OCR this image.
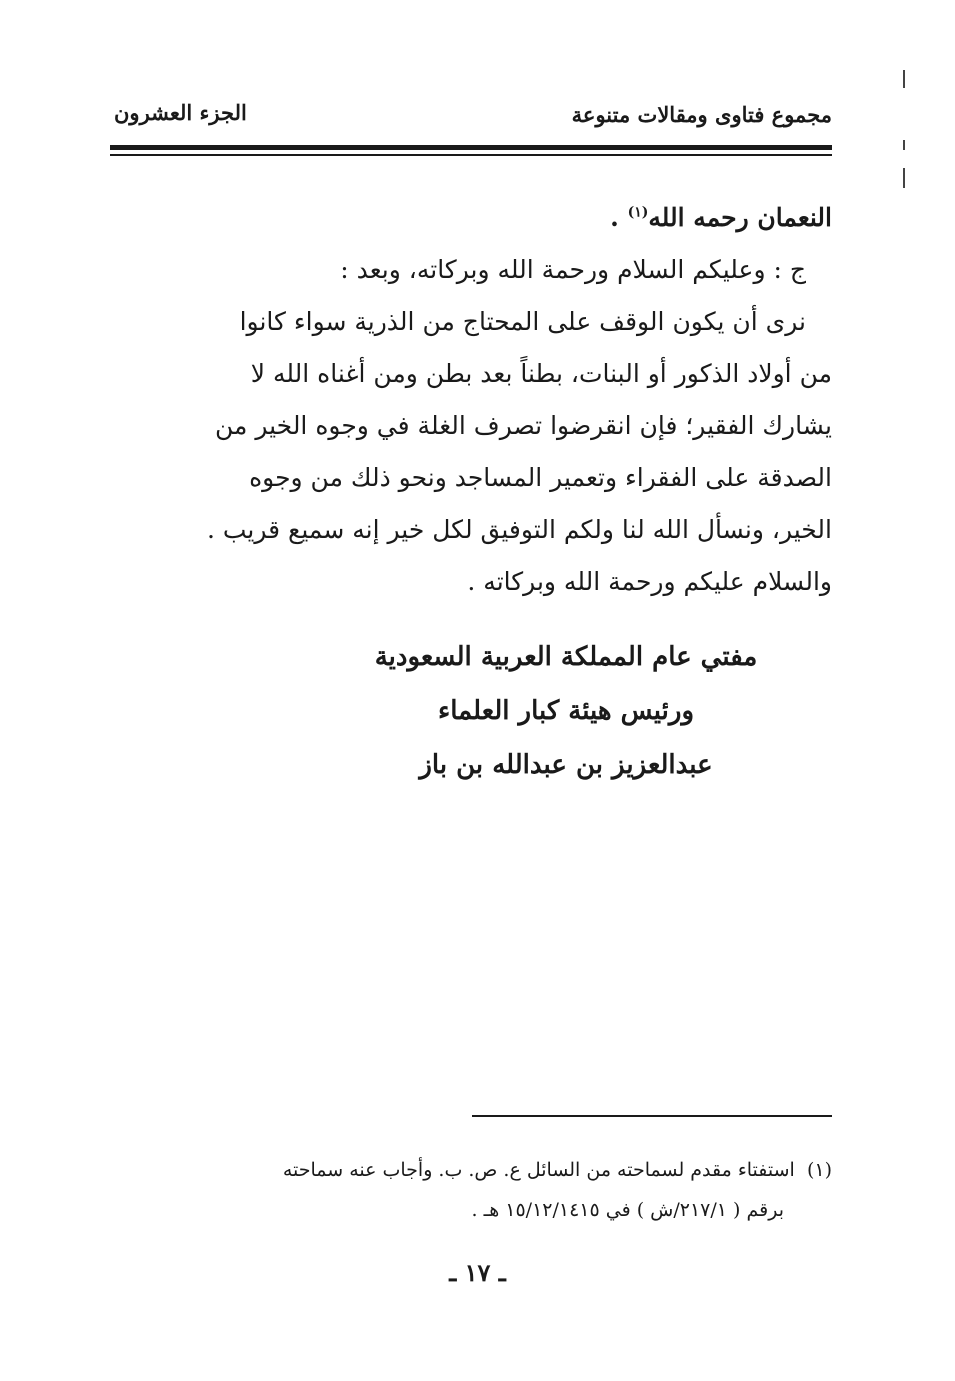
مجموع فتاوى ومقالات متنوعة
الجزء العشرون
النعمان رحمه الله$^{(١)}$ .
ج : وعليكم السلام ورحمة الله وبركاته، وبعد :
نرى أن يكون الوقف على المحتاج من الذرية سواء كانوا
من أولاد الذكور أو البنات، بطناً بعد بطن ومن أغناه الله لا
يشارك الفقير؛ فإن انقرضوا تصرف الغلة في وجوه الخير من
الصدقة على الفقراء وتعمير المساجد ونحو ذلك من وجوه
الخير، ونسأل الله لنا ولكم التوفيق لكل خير إنه سميع قريب .
والسلام عليكم ورحمة الله وبركاته .
مفتي عام المملكة العربية السعودية
ورئيس هيئة كبار العلماء
عبدالعزيز بن عبدالله بن باز
(١)  استفتاء مقدم لسماحته من السائل ع. ص. ب. وأجاب عنه سماحته
برقم ( ٢١٧/١/ش ) في ١٥/١٢/١٤١٥ هـ .
ـ ١٧ ـ
